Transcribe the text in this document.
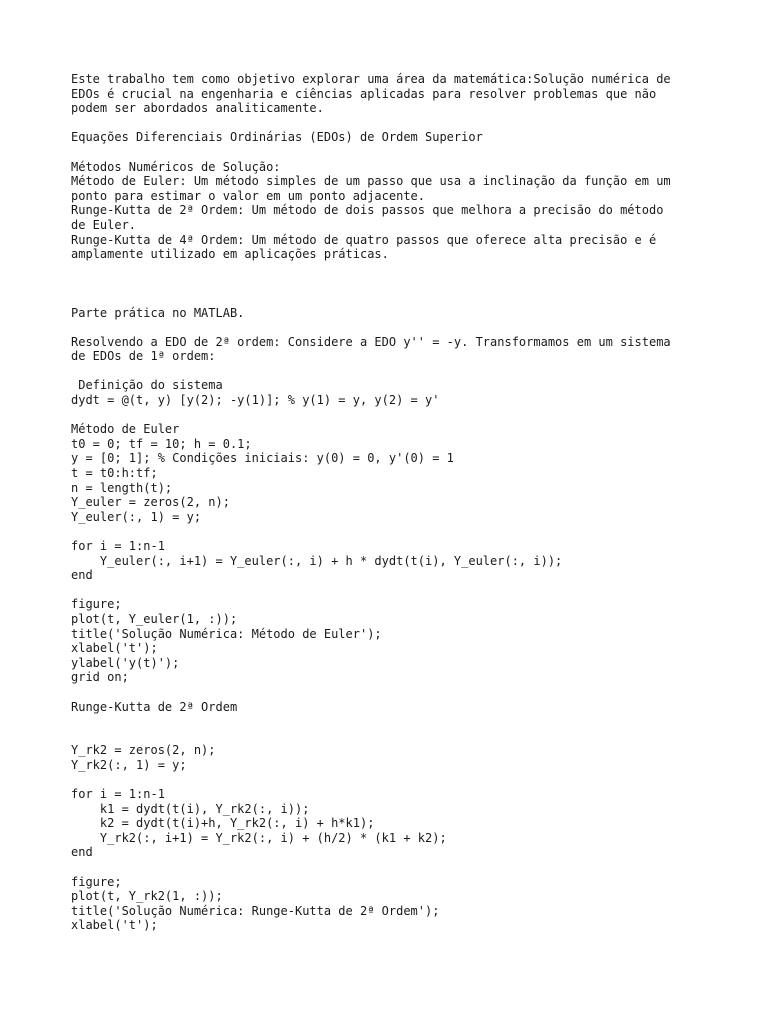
Este trabalho tem como objetivo explorar uma área da matemática:Solução numérica de
EDOs é crucial na engenharia e ciências aplicadas para resolver problemas que não
podem ser abordados analiticamente.
Equações Diferenciais Ordinárias (EDOs) de Ordem Superior
Métodos Numéricos de Solução:
Método de Euler: Um método simples de um passo que usa a inclinação da função em um
ponto para estimar o valor em um ponto adjacente.
Runge-Kutta de 2ª Ordem: Um método de dois passos que melhora a precisão do método
de Euler.
Runge-Kutta de 4ª Ordem: Um método de quatro passos que oferece alta precisão e é
amplamente utilizado em aplicações práticas.
Parte prática no MATLAB.
Resolvendo a EDO de 2ª ordem: Considere a EDO y'' = -y. Transformamos em um sistema
de EDOs de 1ª ordem:
Definição do sistema
dydt = @(t, y) [y(2); -y(1)]; % y(1) = y, y(2) = y'
Método de Euler
t0 = 0; tf = 10; h = 0.1;
y = [0; 1]; % Condições iniciais: y(0) = 0, y'(0) = 1
t = t0:h:tf;
n = length(t);
Y_euler = zeros(2, n);
Y_euler(:, 1) = y;
for i = 1:n-1
Y_euler(:, i+1) = Y_euler(:, i) + h * dydt(t(i), Y_euler(:, i));
end
figure;
plot(t, Y_euler(1, :));
title('Solução Numérica: Método de Euler');
xlabel('t');
ylabel('y(t)');
grid on;
Runge-Kutta de 2ª Ordem
Y_rk2 = zeros(2, n);
Y_rk2(:, 1) = y;
for i = 1:n-1
k1 = dydt(t(i), Y_rk2(:, i));
k2 = dydt(t(i)+h, Y_rk2(:, i) + h*k1);
Y_rk2(:, i+1) = Y_rk2(:, i) + (h/2) * (k1 + k2);
end
figure;
plot(t, Y_rk2(1, :));
title('Solução Numérica: Runge-Kutta de 2ª Ordem');
xlabel('t');
